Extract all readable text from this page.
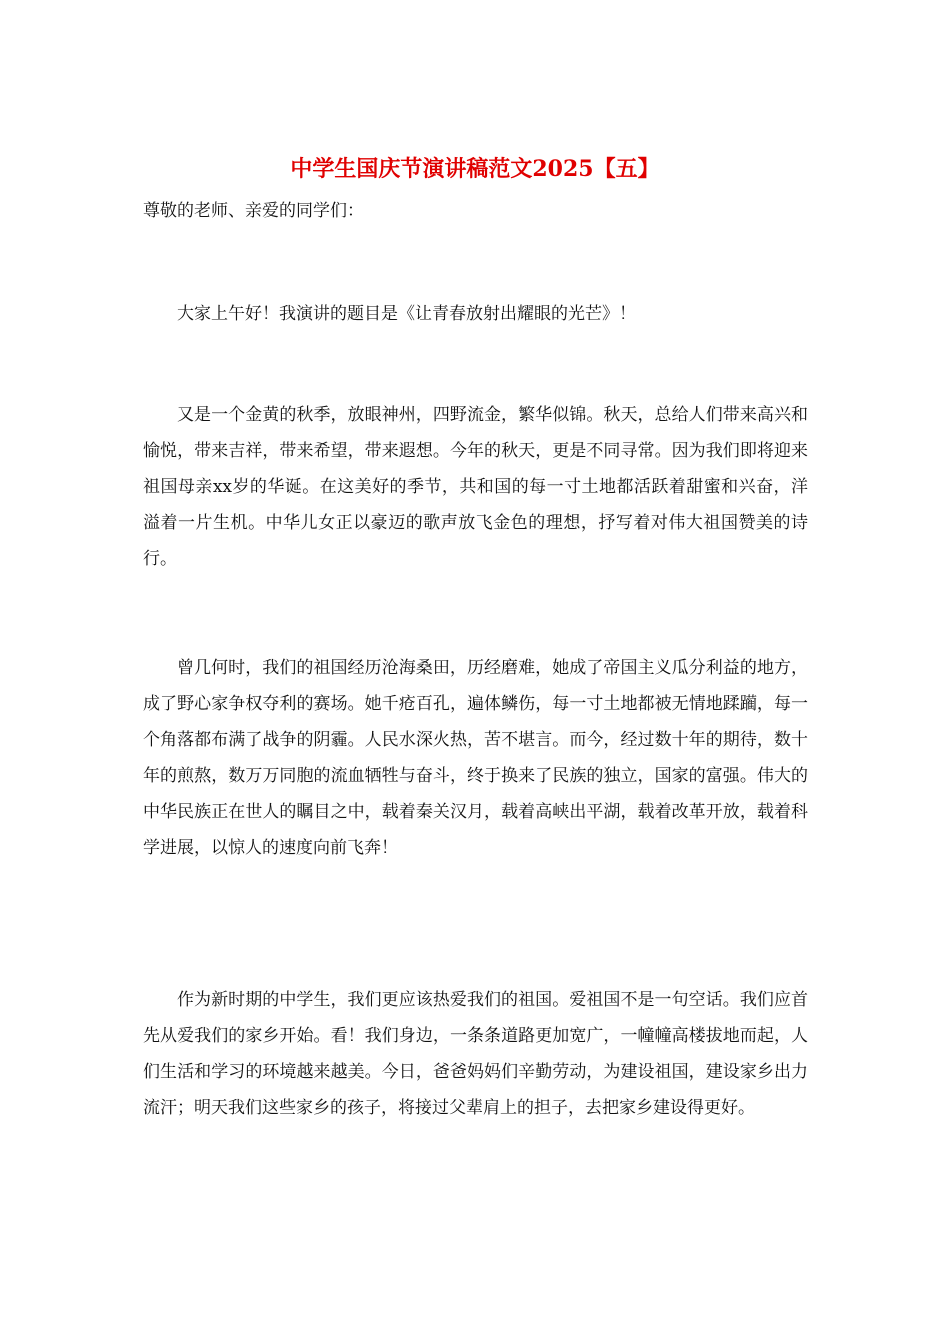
中学生国庆节演讲稿范文2025【五】

尊敬的老师、亲爱的同学们：

大家上午好！我演讲的题目是《让青春放射出耀眼的光芒》！

又是一个金黄的秋季，放眼神州，四野流金，繁华似锦。秋天，总给人们带来高兴和愉悦，带来吉祥，带来希望，带来遐想。今年的秋天，更是不同寻常。因为我们即将迎来祖国母亲xx岁的华诞。在这美好的季节，共和国的每一寸土地都活跃着甜蜜和兴奋，洋溢着一片生机。中华儿女正以豪迈的歌声放飞金色的理想，抒写着对伟大祖国赞美的诗行。

曾几何时，我们的祖国经历沧海桑田，历经磨难，她成了帝国主义瓜分利益的地方，成了野心家争权夺利的赛场。她千疮百孔，遍体鳞伤，每一寸土地都被无情地蹂躏，每一个角落都布满了战争的阴霾。人民水深火热，苦不堪言。而今，经过数十年的期待，数十年的煎熬，数万万同胞的流血牺牲与奋斗，终于换来了民族的独立，国家的富强。伟大的中华民族正在世人的瞩目之中，载着秦关汉月，载着高峡出平湖，载着改革开放，载着科学进展，以惊人的速度向前飞奔！

作为新时期的中学生，我们更应该热爱我们的祖国。爱祖国不是一句空话。我们应首先从爱我们的家乡开始。看！我们身边，一条条道路更加宽广，一幢幢高楼拔地而起，人们生活和学习的环境越来越美。今日，爸爸妈妈们辛勤劳动，为建设祖国，建设家乡出力流汗；明天我们这些家乡的孩子，将接过父辈肩上的担子，去把家乡建设得更好。
